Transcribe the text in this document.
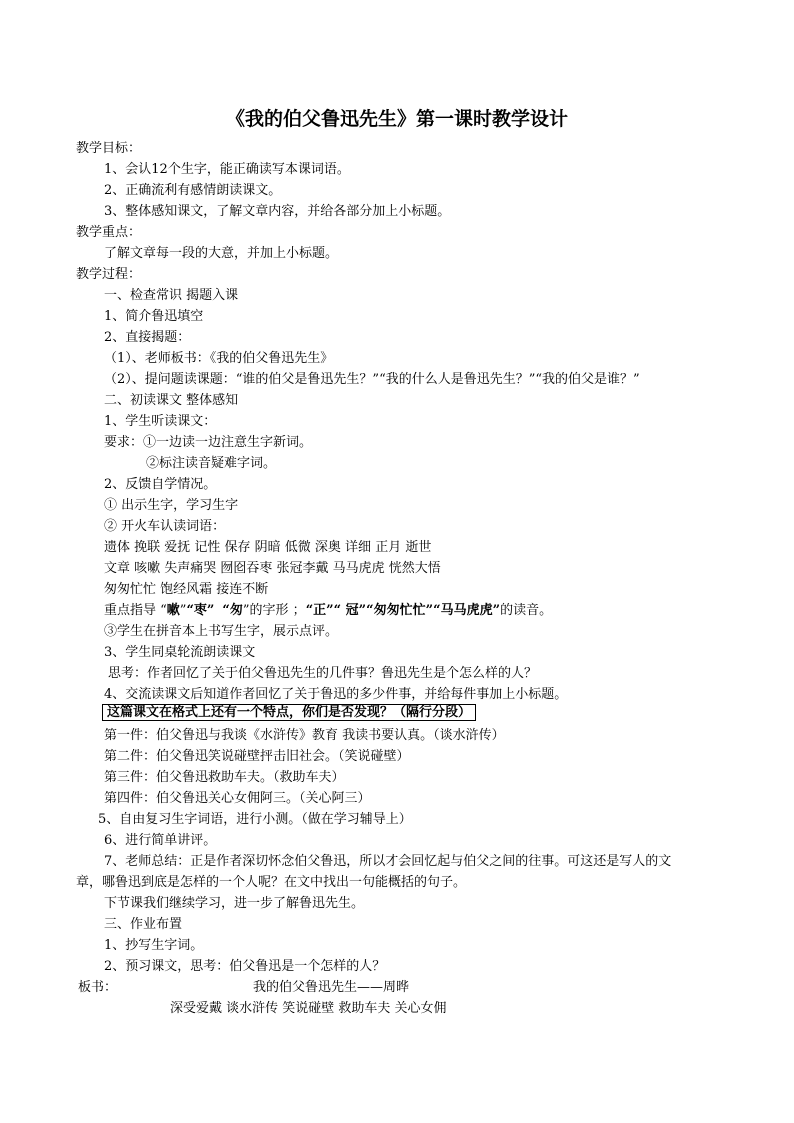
《我的伯父鲁迅先生》第一课时教学设计
教学目标：
1、会认12个生字，能正确读写本课词语。
2、正确流利有感情朗读课文。
3、整体感知课文，了解文章内容，并给各部分加上小标题。
教学重点：
了解文章每一段的大意，并加上小标题。
教学过程：
一、检查常识 揭题入课
1、简介鲁迅填空
2、直接揭题：
（1）、老师板书：《我的伯父鲁迅先生》
（2）、提问题读课题：“谁的伯父是鲁迅先生？”“我的什么人是鲁迅先生？”“我的伯父是谁？”
二、初读课文 整体感知
1、学生听读课文：
要求：①一边读一边注意生字新词。
②标注读音疑难字词。
2、反馈自学情况。
① 出示生字，学习生字
② 开火车认读词语：
遗体 挽联 爱抚 记性 保存 阴暗 低微 深奥 详细 正月 逝世
文章 咳嗽 失声痛哭 囫囵吞枣 张冠李戴 马马虎虎 恍然大悟
匆匆忙忙 饱经风霜 接连不断
重点指导 “嗽”“枣” “匆”的字形 ；“正”“ 冠”“匆匆忙忙”“马马虎虎”的读音。
③学生在拼音本上书写生字，展示点评。
3、学生同桌轮流朗读课文
思考：作者回忆了关于伯父鲁迅先生的几件事？鲁迅先生是个怎么样的人？
4、交流读课文后知道作者回忆了关于鲁迅的多少件事，并给每件事加上小标题。
这篇课文在格式上还有一个特点，你们是否发现？（隔行分段）
第一件：伯父鲁迅与我谈《水浒传》教育 我读书要认真。（谈水浒传）
第二件：伯父鲁迅笑说碰壁抨击旧社会。（笑说碰壁）
第三件：伯父鲁迅救助车夫。（救助车夫）
第四件：伯父鲁迅关心女佣阿三。（关心阿三）
5、自由复习生字词语，进行小测。（做在学习辅导上）
6、进行简单讲评。
7、老师总结：正是作者深切怀念伯父鲁迅，所以才会回忆起与伯父之间的往事。可这还是写人的文
章，哪鲁迅到底是怎样的一个人呢？在文中找出一句能概括的句子。
下节课我们继续学习，进一步了解鲁迅先生。
三、作业布置
1、抄写生字词。
2、预习课文，思考：伯父鲁迅是一个怎样的人？
板书：	我的伯父鲁迅先生——周晔
深受爱戴 谈水浒传 笑说碰壁 救助车夫 关心女佣
